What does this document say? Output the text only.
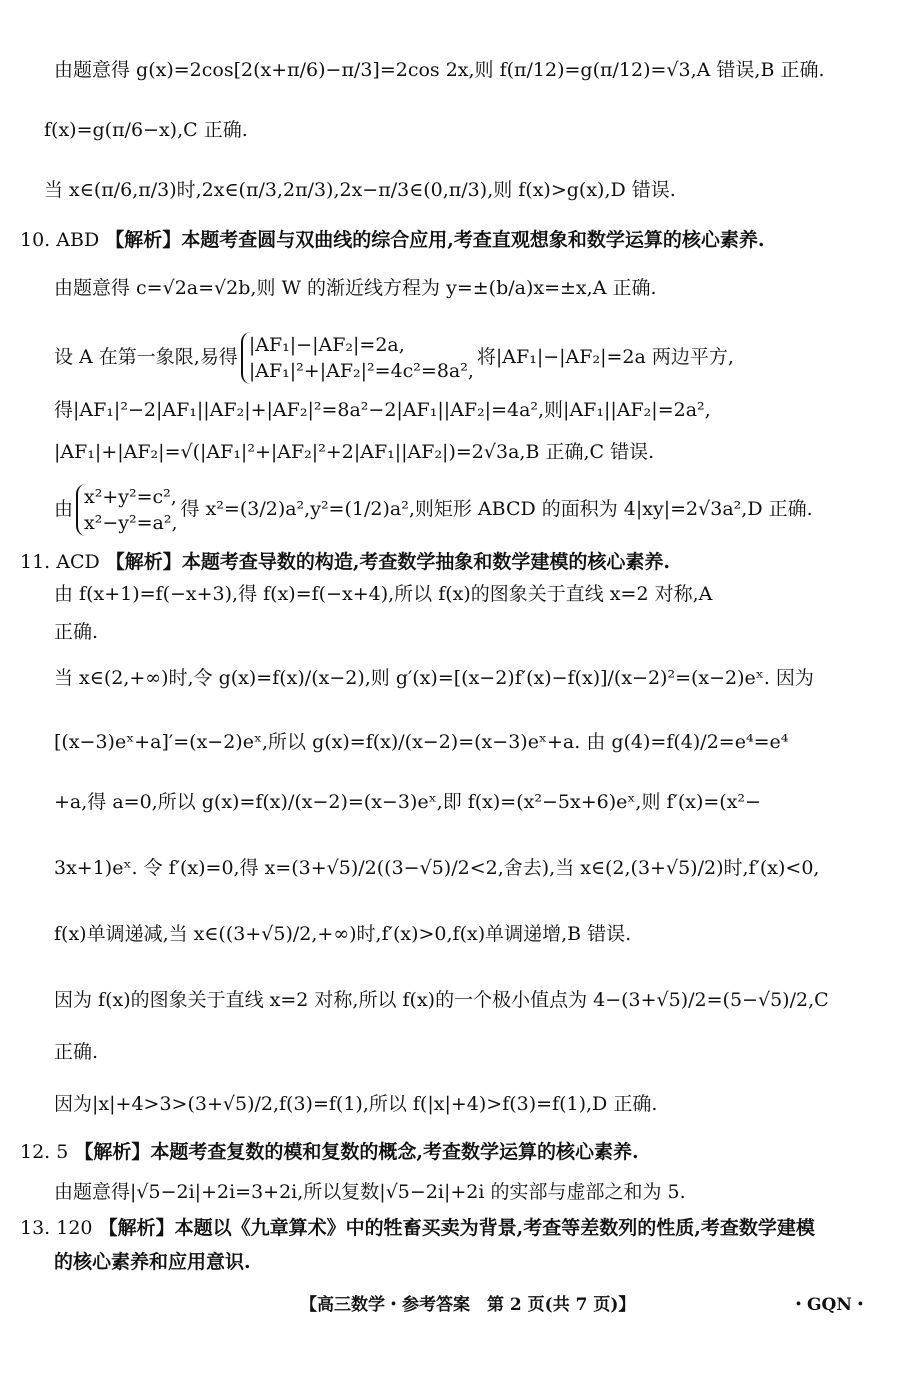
由题意得 g(x)=2cos[2(x+π/6)−π/3]=2cos 2x,则 f(π/12)=g(π/12)=√3,A 错误,B 正确.
f(x)=g(π/6−x),C 正确.
当 x∈(π/6,π/3)时,2x∈(π/3,2π/3),2x−π/3∈(0,π/3),则 f(x)>g(x),D 错误.
10. ABD 【解析】本题考查圆与双曲线的综合应用,考查直观想象和数学运算的核心素养.
由题意得 c=√2a=√2b,则 W 的渐近线方程为 y=±(b/a)x=±x,A 正确.
设 A 在第一象限,易得
|AF₁|−|AF₂|=2a,
|AF₁|²+|AF₂|²=4c²=8a²,
将|AF₁|−|AF₂|=2a 两边平方,
得|AF₁|²−2|AF₁||AF₂|+|AF₂|²=8a²−2|AF₁||AF₂|=4a²,则|AF₁||AF₂|=2a²,
|AF₁|+|AF₂|=√(|AF₁|²+|AF₂|²+2|AF₁||AF₂|)=2√3a,B 正确,C 错误.
由
x²+y²=c²,
x²−y²=a²,
得 x²=(3/2)a²,y²=(1/2)a²,则矩形 ABCD 的面积为 4|xy|=2√3a²,D 正确.
11. ACD 【解析】本题考查导数的构造,考查数学抽象和数学建模的核心素养.
由 f(x+1)=f(−x+3),得 f(x)=f(−x+4),所以 f(x)的图象关于直线 x=2 对称,A
正确.
当 x∈(2,+∞)时,令 g(x)=f(x)/(x−2),则 g′(x)=[(x−2)f′(x)−f(x)]/(x−2)²=(x−2)eˣ. 因为
[(x−3)eˣ+a]′=(x−2)eˣ,所以 g(x)=f(x)/(x−2)=(x−3)eˣ+a. 由 g(4)=f(4)/2=e⁴=e⁴
+a,得 a=0,所以 g(x)=f(x)/(x−2)=(x−3)eˣ,即 f(x)=(x²−5x+6)eˣ,则 f′(x)=(x²−
3x+1)eˣ. 令 f′(x)=0,得 x=(3+√5)/2((3−√5)/2<2,舍去),当 x∈(2,(3+√5)/2)时,f′(x)<0,
f(x)单调递减,当 x∈((3+√5)/2,+∞)时,f′(x)>0,f(x)单调递增,B 错误.
因为 f(x)的图象关于直线 x=2 对称,所以 f(x)的一个极小值点为 4−(3+√5)/2=(5−√5)/2,C
正确.
因为|x|+4>3>(3+√5)/2,f(3)=f(1),所以 f(|x|+4)>f(3)=f(1),D 正确.
12. 5 【解析】本题考查复数的模和复数的概念,考查数学运算的核心素养.
由题意得|√5−2i|+2i=3+2i,所以复数|√5−2i|+2i 的实部与虚部之和为 5.
13. 120 【解析】本题以《九章算术》中的牲畜买卖为背景,考查等差数列的性质,考查数学建模
的核心素养和应用意识.
【高三数学・参考答案　第 2 页(共 7 页)】	・GQN・
